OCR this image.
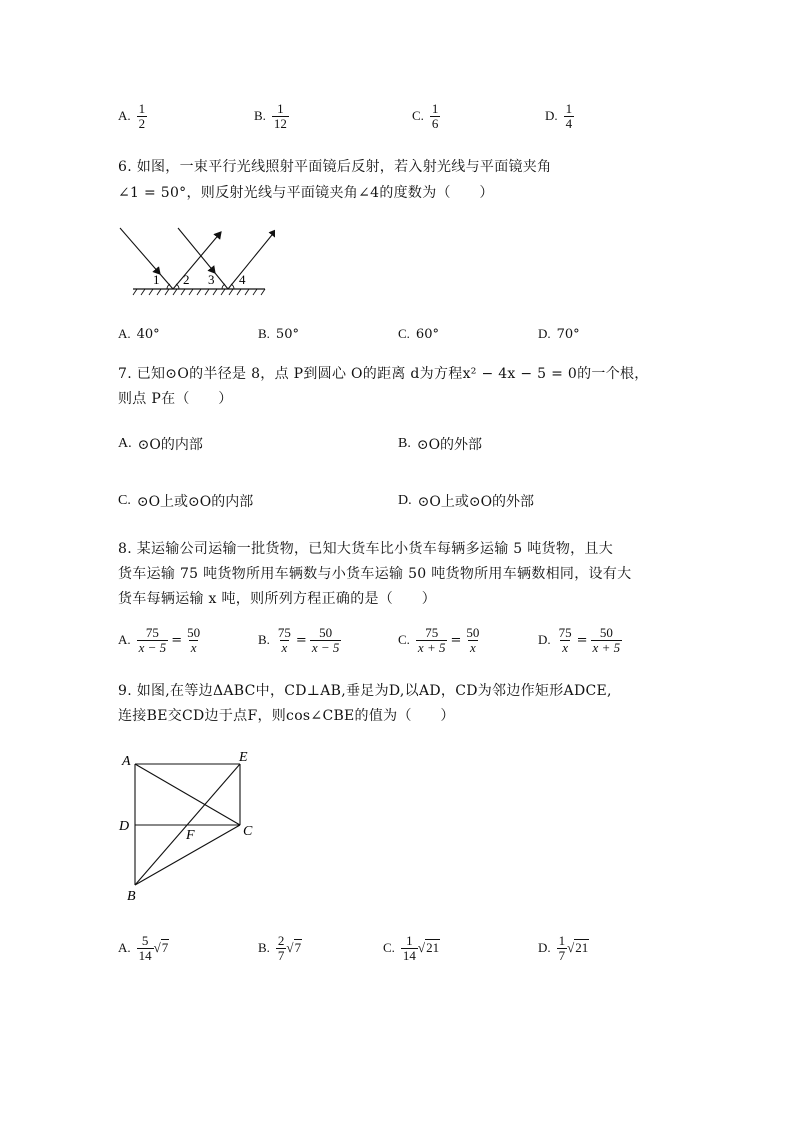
A. $\frac{1}{2}$	B. $\frac{1}{12}$	C. $\frac{1}{6}$	D. $\frac{1}{4}$
6. 如图，一束平行光线照射平面镜后反射，若入射光线与平面镜夹角
∠1 = 50°，则反射光线与平面镜夹角∠4的度数为（　　）
1 2 3 4
A. 40°	B. 50°	C. 60°	D. 70°
7. 已知⊙O的半径是 8，点 P到圆心 O的距离 d为方程x² − 4x − 5 = 0的一个根，
则点 P在（　　）
A. ⊙O的内部	B. ⊙O的外部
C. ⊙O上或⊙O的内部	D. ⊙O上或⊙O的外部
8. 某运输公司运输一批货物，已知大货车比小货车每辆多运输 5 吨货物，且大
货车运输 75 吨货物所用车辆数与小货车运输 50 吨货物所用车辆数相同，设有大
货车每辆运输 x 吨，则所列方程正确的是（　　）
A. $\frac{75}{x - 5} = \frac{50}{x}$	B. $\frac{75}{x} = \frac{50}{x - 5}$	C. $\frac{75}{x + 5} = \frac{50}{x}$	D. $\frac{75}{x} = \frac{50}{x + 5}$
9. 如图,在等边ΔABC中，CD⊥AB,垂足为D,以AD，CD为邻边作矩形ADCE,
连接BE交CD边于点F，则cos∠CBE的值为（　　）
A	E
D
F	C
B
A. $\frac{5}{14} √7$	B. $\frac{2}{7} √7$	C. $\frac{1}{14} √21$	D. $\frac{1}{7} √21$
